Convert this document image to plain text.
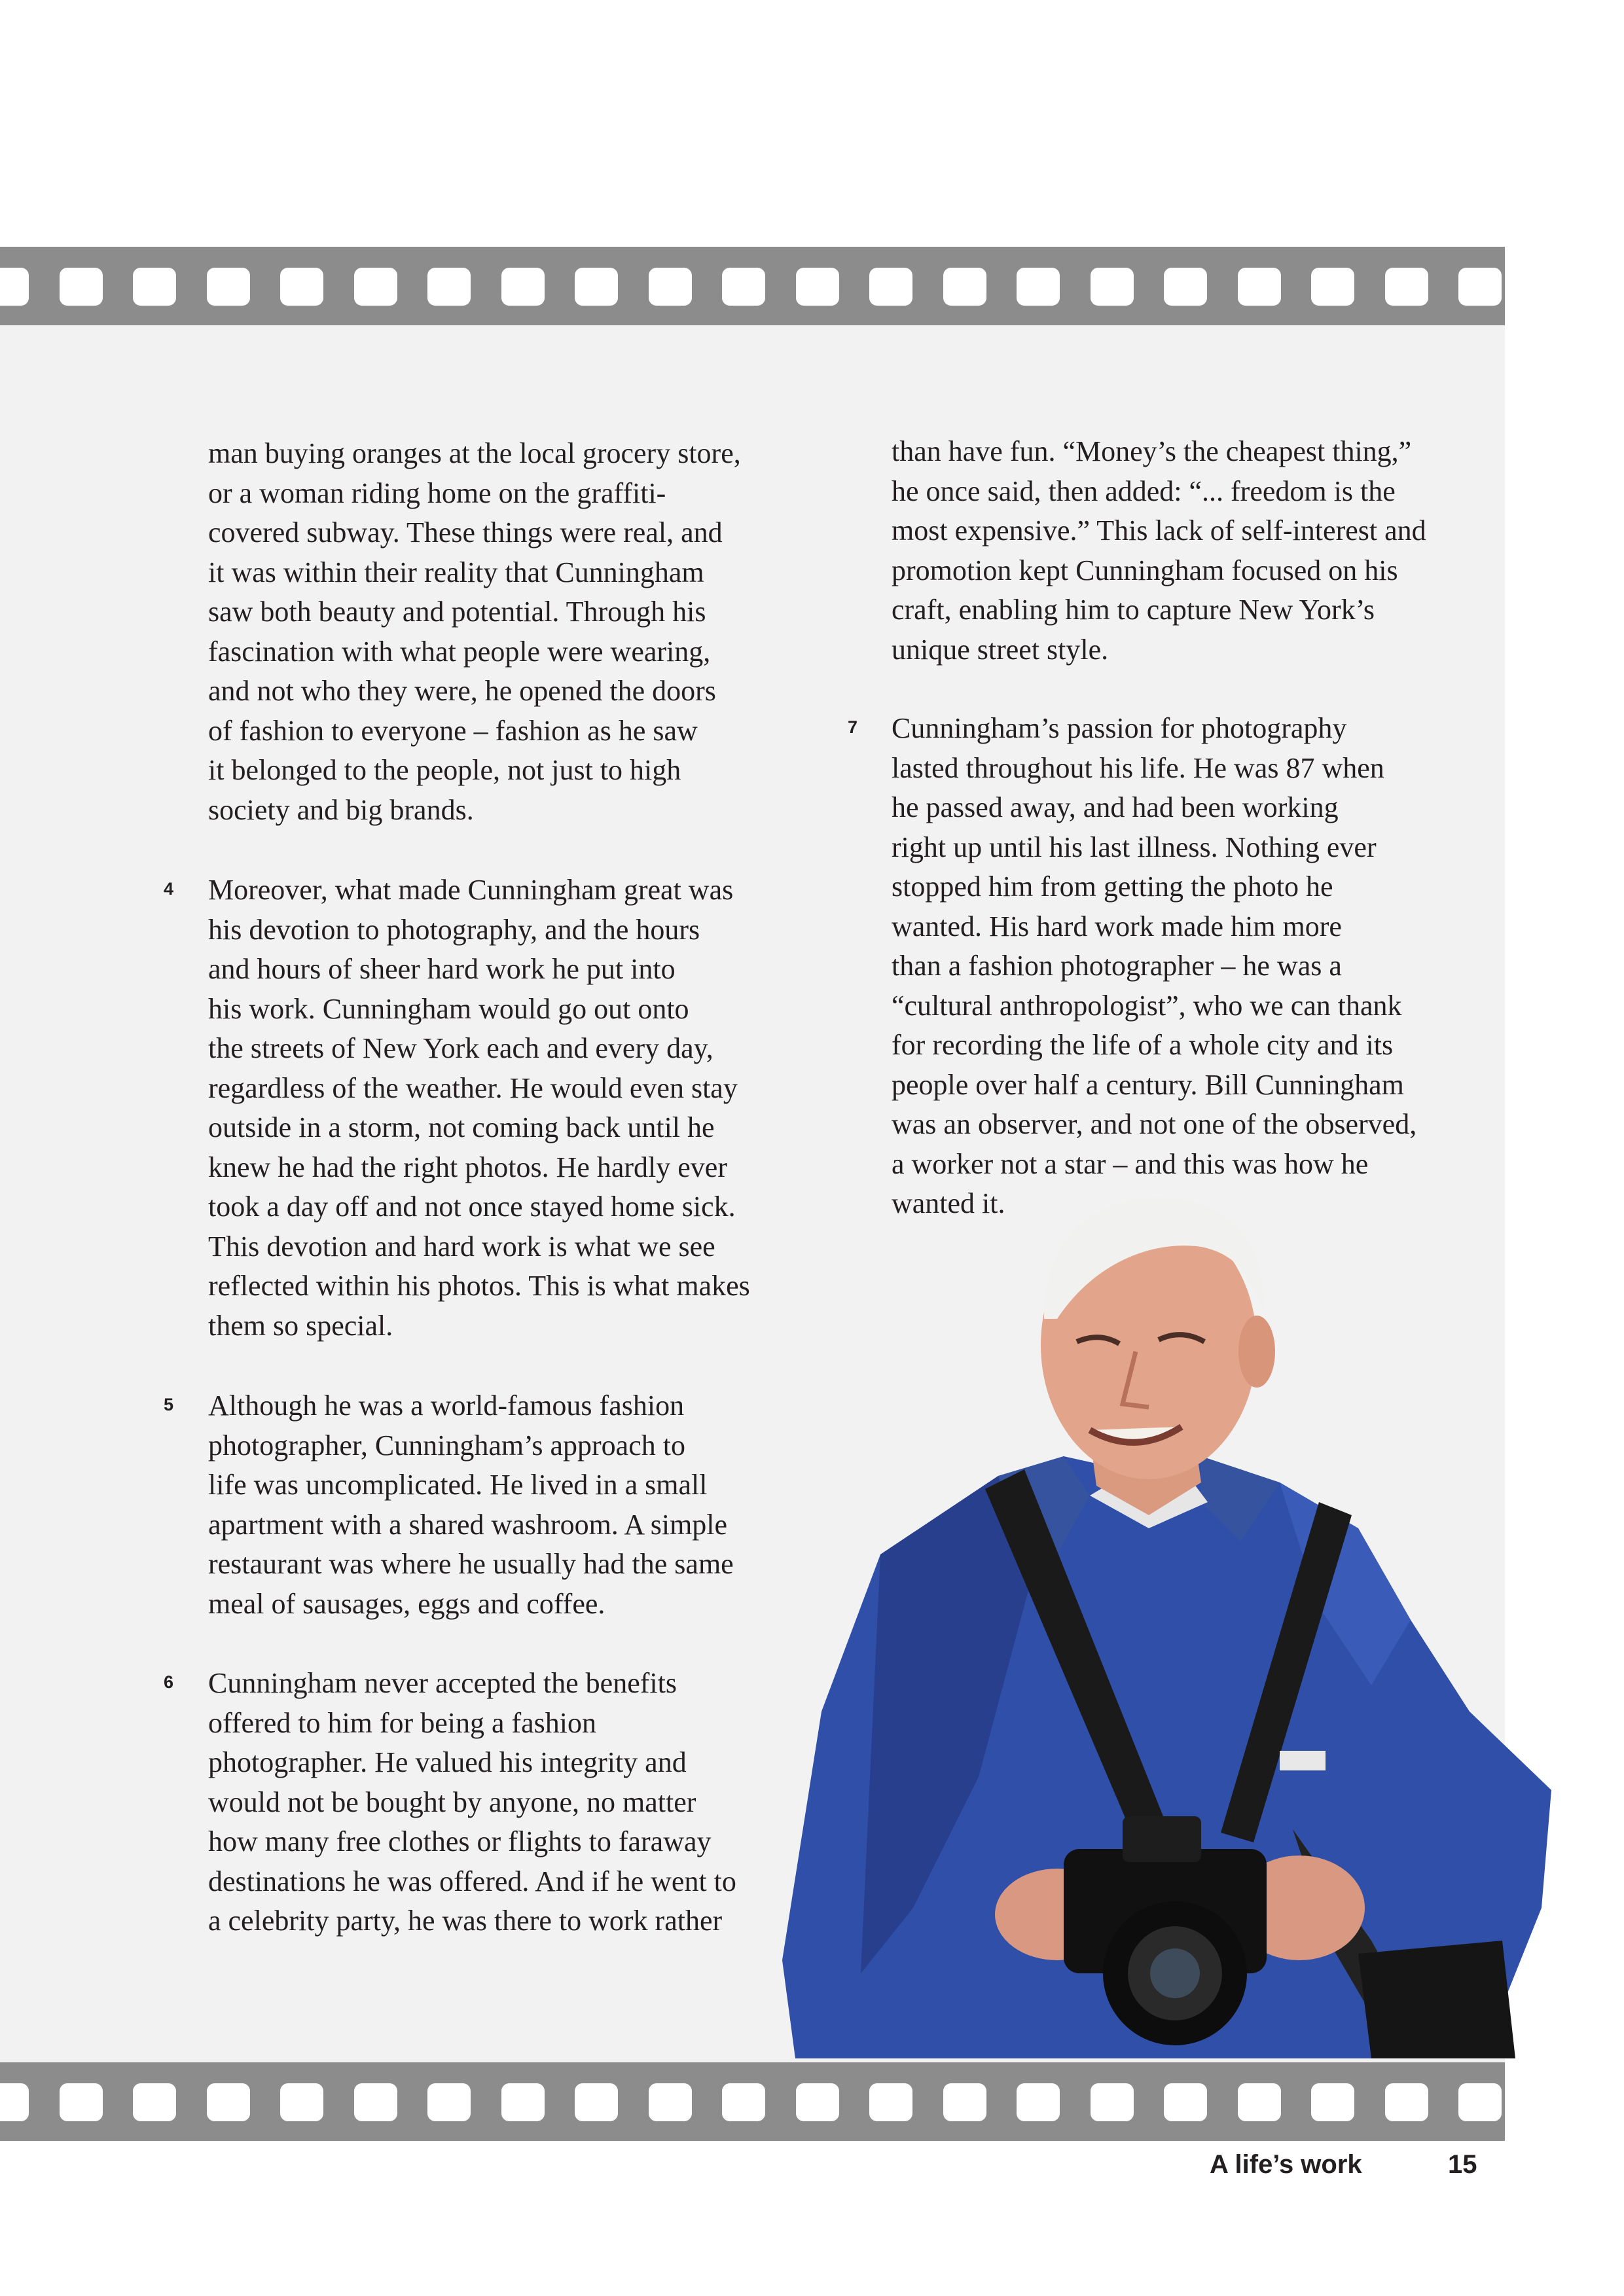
man buying oranges at the local grocery store,
or a woman riding home on the graffiti-
covered subway. These things were real, and
it was within their reality that Cunningham
saw both beauty and potential. Through his
fascination with what people were wearing,
and not who they were, he opened the doors
of fashion to everyone – fashion as he saw
it belonged to the people, not just to high
society and big brands.

4 Moreover, what made Cunningham great was
his devotion to photography, and the hours
and hours of sheer hard work he put into
his work. Cunningham would go out onto
the streets of New York each and every day,
regardless of the weather. He would even stay
outside in a storm, not coming back until he
knew he had the right photos. He hardly ever
took a day off and not once stayed home sick.
This devotion and hard work is what we see
reflected within his photos. This is what makes
them so special.

5 Although he was a world-famous fashion
photographer, Cunningham’s approach to
life was uncomplicated. He lived in a small
apartment with a shared washroom. A simple
restaurant was where he usually had the same
meal of sausages, eggs and coffee.

6 Cunningham never accepted the benefits
offered to him for being a fashion
photographer. He valued his integrity and
would not be bought by anyone, no matter
how many free clothes or flights to faraway
destinations he was offered. And if he went to
a celebrity party, he was there to work rather

than have fun. “Money’s the cheapest thing,”
he once said, then added: “... freedom is the
most expensive.” This lack of self-interest and
promotion kept Cunningham focused on his
craft, enabling him to capture New York’s
unique street style.

7 Cunningham’s passion for photography
lasted throughout his life. He was 87 when
he passed away, and had been working
right up until his last illness. Nothing ever
stopped him from getting the photo he
wanted. His hard work made him more
than a fashion photographer – he was a
“cultural anthropologist”, who we can thank
for recording the life of a whole city and its
people over half a century. Bill Cunningham
was an observer, and not one of the observed,
a worker not a star – and this was how he
wanted it.

A life’s work	15
